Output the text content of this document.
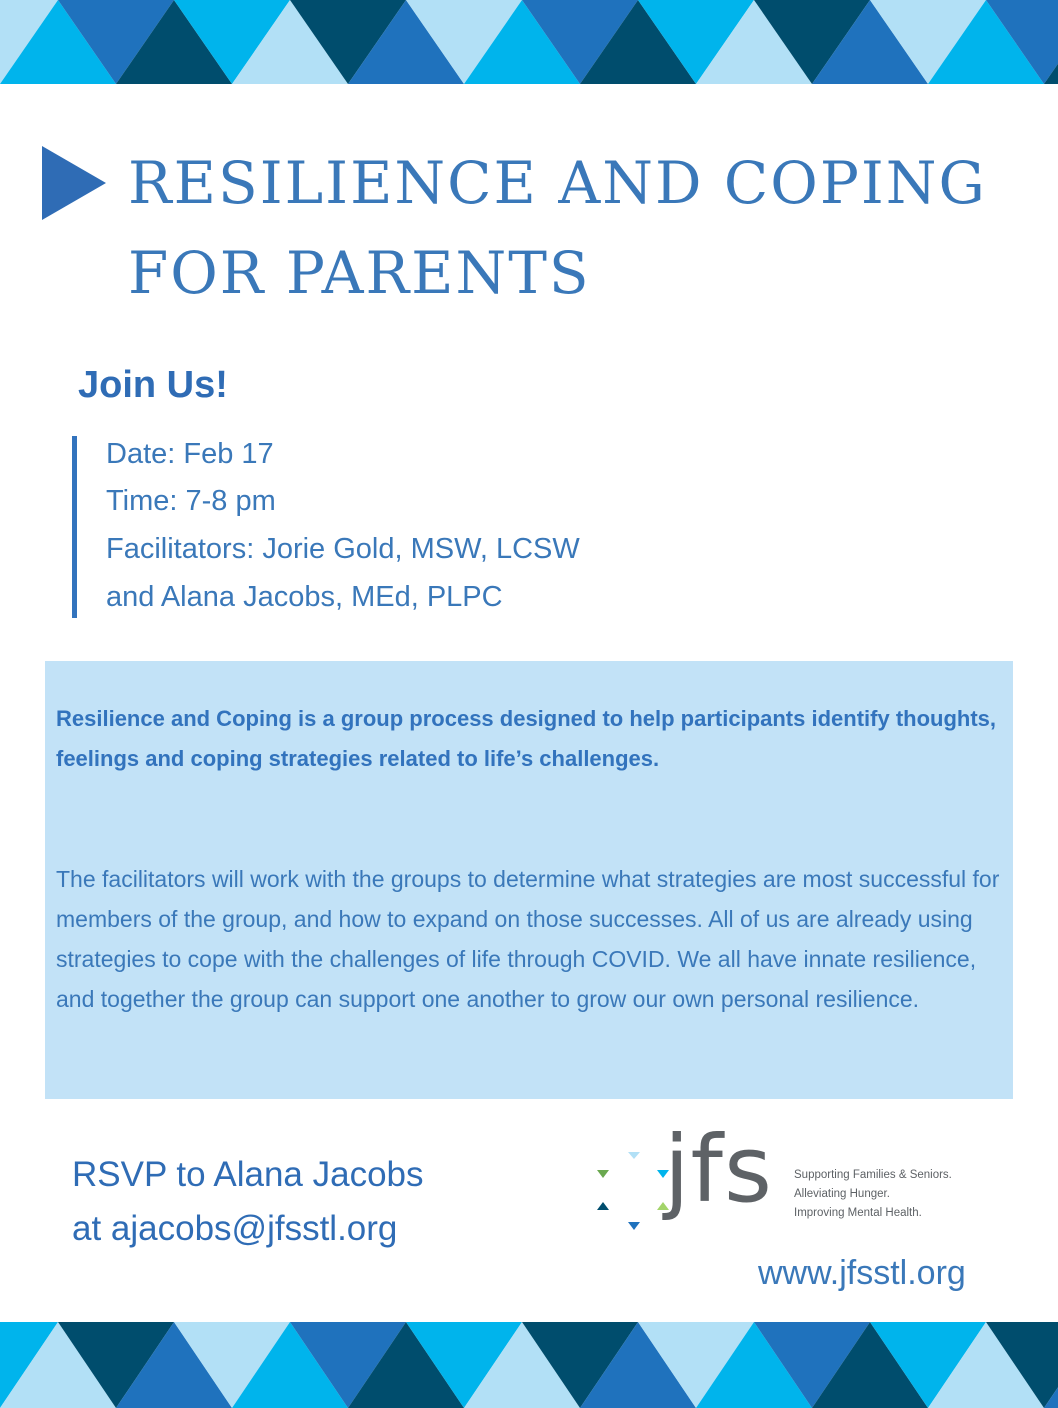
RESILIENCE AND COPING
FOR PARENTS
Join Us!
Date: Feb 17
Time: 7-8 pm
Facilitators: Jorie Gold, MSW, LCSW
and Alana Jacobs, MEd, PLPC

Resilience and Coping is a group process designed to help participants identify thoughts, feelings and coping strategies related to life’s challenges.

The facilitators will work with the groups to determine what strategies are most successful for members of the group, and how to expand on those successes. All of us are already using strategies to cope with the challenges of life through COVID. We all have innate resilience, and together the group can support one another to grow our own personal resilience.

RSVP to Alana Jacobs
at ajacobs@jfsstl.org
jfs Supporting Families & Seniors.
Alleviating Hunger.
Improving Mental Health.
www.jfsstl.org
